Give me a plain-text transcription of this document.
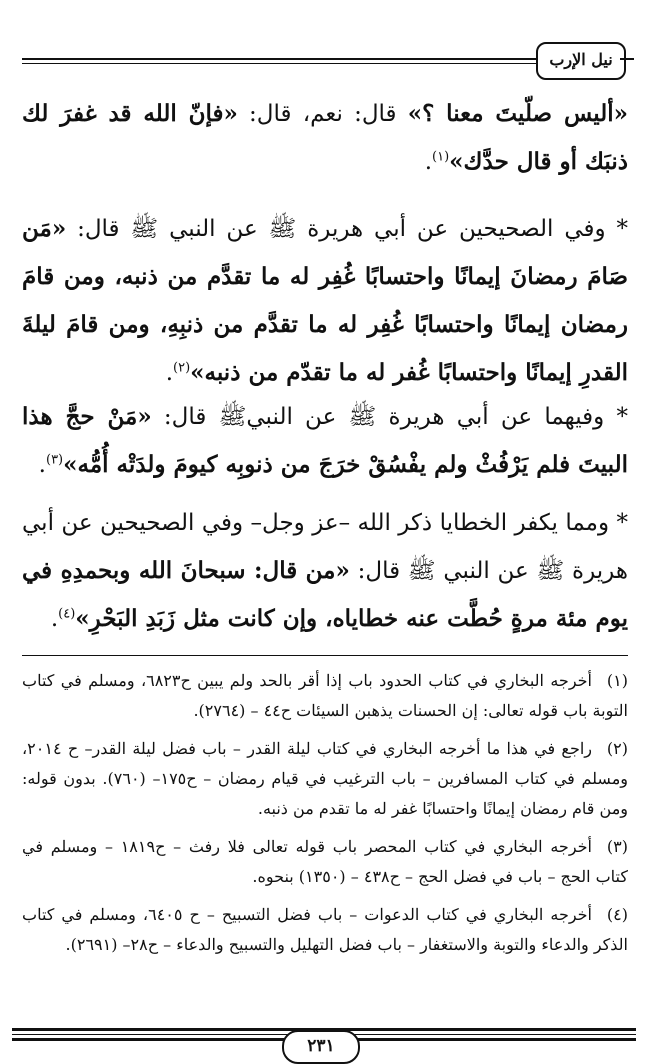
نيل الإرب
«أليس صلّيتَ معنا ؟» قال: نعم، قال: «فإنّ الله قد غفرَ لك ذنبَك أو قال حدَّك»$^{(١)}$.
* وفي الصحيحين عن أبي هريرة ﷺ عن النبي ﷺ قال: «مَن صَامَ رمضانَ إيمانًا واحتسابًا غُفِر له ما تقدَّم من ذنبه، ومن قامَ رمضان إيمانًا واحتسابًا غُفِر له ما تقدَّم من ذنبِهِ، ومن قامَ ليلةَ القدرِ إيمانًا واحتسابًا غُفر له ما تقدّم من ذنبه»$^{(٢)}$.
* وفيهما عن أبي هريرة ﷺ عن النبيﷺ قال: «مَنْ حجَّ هذا البيتَ فلم يَرْفُثْ ولم يفْسُقْ خرَجَ من ذنوبِه كيومَ ولدَتْه أُمُّه»$^{(٣)}$.
* ومما يكفر الخطايا ذكر الله –عز وجل– وفي الصحيحين عن أبي هريرة ﷺ عن النبي ﷺ قال: «من قال: سبحانَ الله وبحمدِهِ في يوم مئة مرةٍ حُطَّت عنه خطاياه، وإن كانت مثل زَبَدِ البَحْرِ»$^{(٤)}$.
(١)أخرجه البخاري في كتاب الحدود باب إذا أقر بالحد ولم يبين ح٦٨٢٣، ومسلم في كتاب التوبة باب قوله تعالى: إن الحسنات يذهبن السيئات ح٤٤ – (٢٧٦٤).
(٢)راجع في هذا ما أخرجه البخاري في كتاب ليلة القدر – باب فضل ليلة القدر– ح ٢٠١٤، ومسلم في كتاب المسافرين – باب الترغيب في قيام رمضان – ح١٧٥– (٧٦٠). بدون قوله: ومن قام رمضان إيمانًا واحتسابًا غفر له ما تقدم من ذنبه.
(٣)أخرجه البخاري في كتاب المحصر باب قوله تعالى فلا رفث – ح١٨١٩ – ومسلم في كتاب الحج – باب في فضل الحج – ح٤٣٨ – (١٣٥٠) بنحوه.
(٤)أخرجه البخاري في كتاب الدعوات – باب فضل التسبيح – ح ٦٤٠٥، ومسلم في كتاب الذكر والدعاء والتوبة والاستغفار – باب فضل التهليل والتسبيح والدعاء – ح٢٨– (٢٦٩١).
٢٣١
